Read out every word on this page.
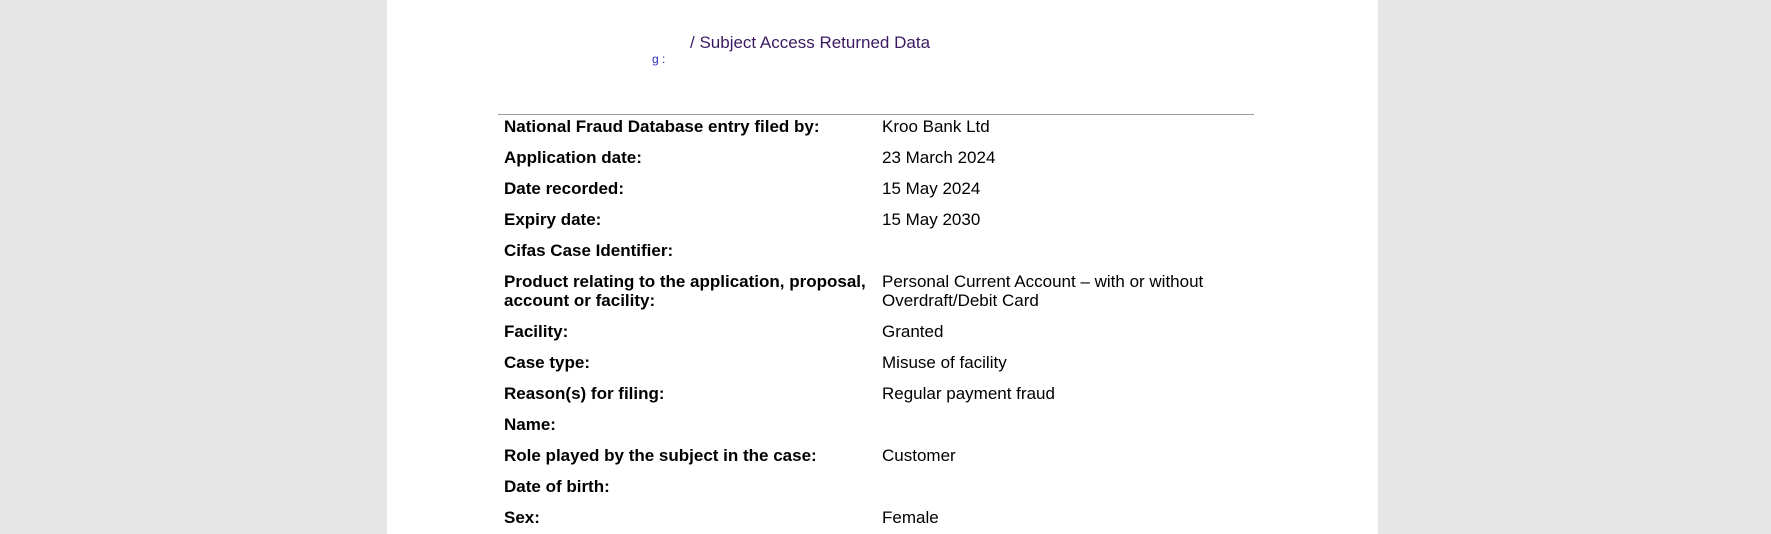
/ Subject Access Returned Data
g :
National Fraud Database entry filed by:	Kroo Bank Ltd
Application date:	23 March 2024
Date recorded:	15 May 2024
Expiry date:	15 May 2030
Cifas Case Identifier:
Product relating to the application, proposal, account or facility:
Personal Current Account – with or without Overdraft/Debit Card
Facility:	Granted
Case type:	Misuse of facility
Reason(s) for filing:	Regular payment fraud
Name:
Role played by the subject in the case:	Customer
Date of birth:
Sex:	Female
